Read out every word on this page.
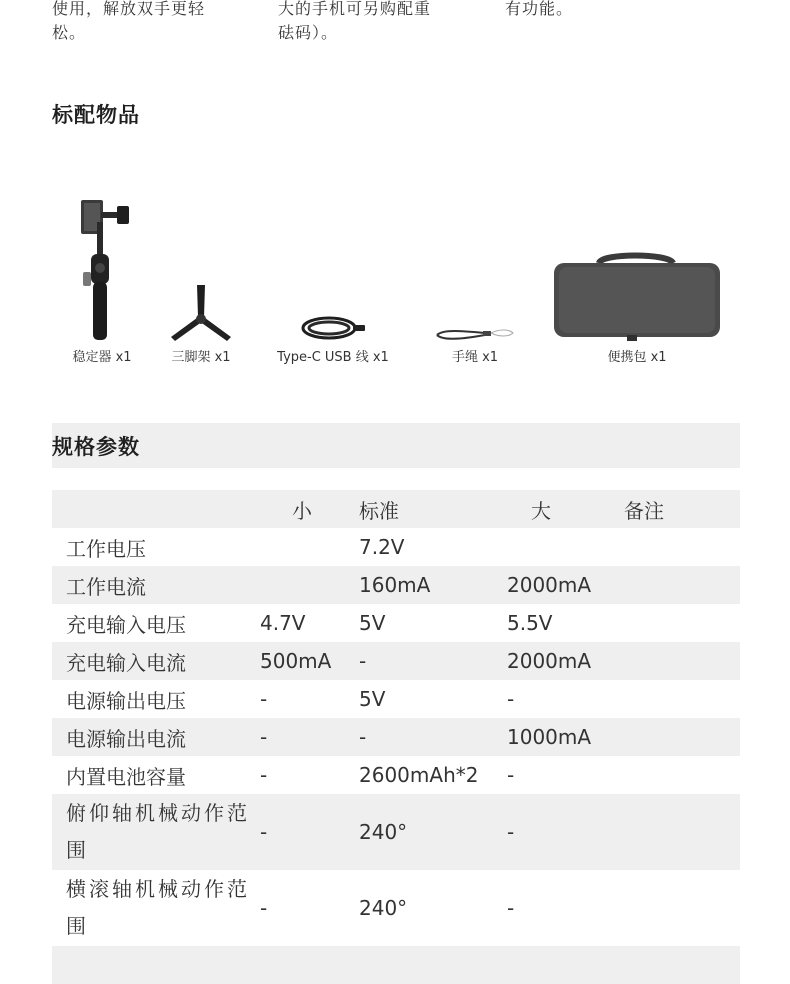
使用，解放双手更轻
松。
大的手机可另购配重
砝码）。
有功能。
标配物品
稳定器 x1	三脚架 x1	Type-C USB 线 x1	手绳 x1	便携包 x1
规格参数
	小	标准	大	备注
工作电压		7.2V		
工作电流		160mA	2000mA	
充电输入电压	4.7V	5V	5.5V	
充电输入电流	500mA	-	2000mA	
电源输出电压	-	5V	-	
电源输出电流	-	-	1000mA	
内置电池容量	-	2600mAh*2	-	
俯仰轴机械动作范围	-	240°	-	
横滚轴机械动作范围	-	240°	-	
